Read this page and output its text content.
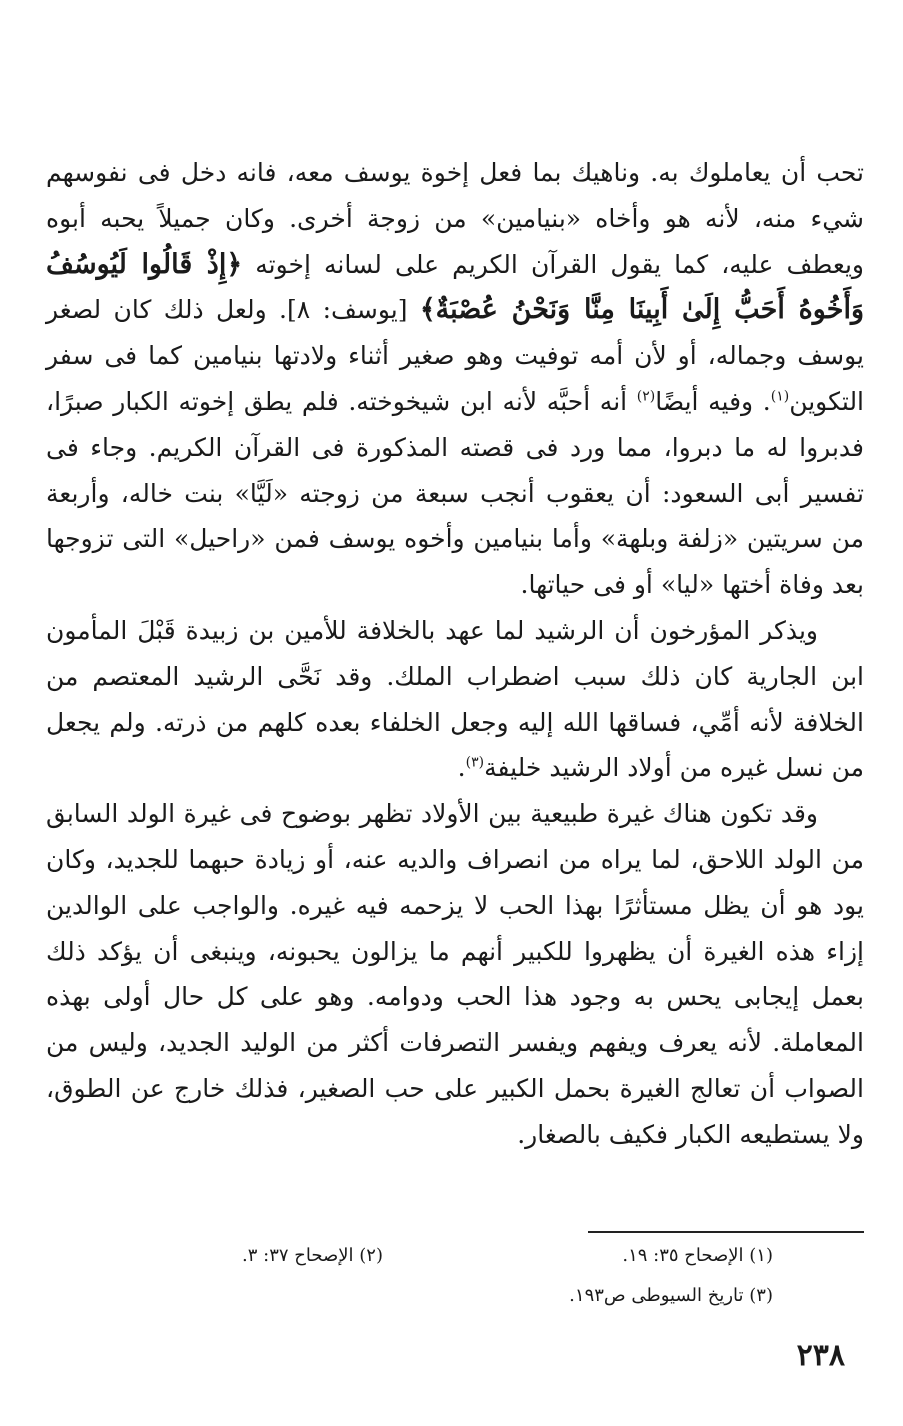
تحب أن يعاملوك به. وناهيك بما فعل إخوة يوسف معه، فانه دخل فى نفوسهم شيء منه، لأنه هو وأخاه «بنيامين» من زوجة أخرى. وكان جميلاً يحبه أبوه ويعطف عليه، كما يقول القرآن الكريم على لسانه إخوته ﴿إِذْ قَالُوا لَيُوسُفُ وَأَخُوهُ أَحَبُّ إِلَىٰ أَبِينَا مِنَّا وَنَحْنُ عُصْبَةٌ﴾ [يوسف: ٨]. ولعل ذلك كان لصغر يوسف وجماله، أو لأن أمه توفيت وهو صغير أثناء ولادتها بنيامين كما فى سفر التكوين$^{(١)}$. وفيه أيضًا$^{(٢)}$ أنه أحبَّه لأنه ابن شيخوخته. فلم يطق إخوته الكبار صبرًا، فدبروا له ما دبروا، مما ورد فى قصته المذكورة فى القرآن الكريم. وجاء فى تفسير أبى السعود: أن يعقوب أنجب سبعة من زوجته «لَيَّا» بنت خاله، وأربعة من سريتين «زلفة وبلهة» وأما بنيامين وأخوه يوسف فمن «راحيل» التى تزوجها بعد وفاة أختها «ليا» أو فى حياتها.

ويذكر المؤرخون أن الرشيد لما عهد بالخلافة للأمين بن زبيدة قَبْلَ المأمون ابن الجارية كان ذلك سبب اضطراب الملك. وقد نَحَّى الرشيد المعتصم من الخلافة لأنه أمِّي، فساقها الله إليه وجعل الخلفاء بعده كلهم من ذرته. ولم يجعل من نسل غيره من أولاد الرشيد خليفة$^{(٣)}$.

وقد تكون هناك غيرة طبيعية بين الأولاد تظهر بوضوح فى غيرة الولد السابق من الولد اللاحق، لما يراه من انصراف والديه عنه، أو زيادة حبهما للجديد، وكان يود هو أن يظل مستأثرًا بهذا الحب لا يزحمه فيه غيره. والواجب على الوالدين إزاء هذه الغيرة أن يظهروا للكبير أنهم ما يزالون يحبونه، وينبغى أن يؤكد ذلك بعمل إيجابى يحس به وجود هذا الحب ودوامه. وهو على كل حال أولى بهذه المعاملة. لأنه يعرف ويفهم ويفسر التصرفات أكثر من الوليد الجديد، وليس من الصواب أن تعالج الغيرة بحمل الكبير على حب الصغير، فذلك خارج عن الطوق، ولا يستطيعه الكبار فكيف بالصغار.

(١) الإصحاح ٣٥: ١٩.
(٢) الإصحاح ٣٧: ٣.
(٣) تاريخ السيوطى ص١٩٣.
٢٣٨
